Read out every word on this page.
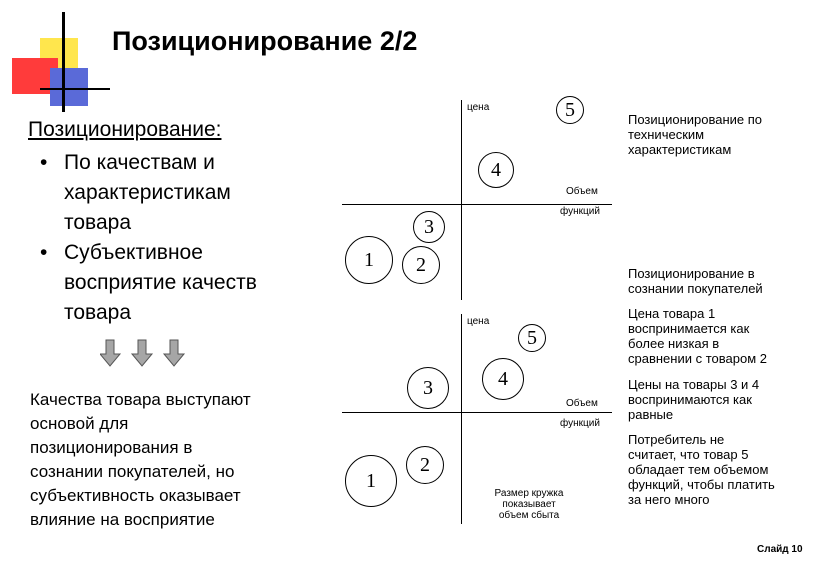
Позиционирование 2/2
Позиционирование:
• По качествам и
характеристикам
товара
• Субъективное
восприятие качеств
товара
Качества товара выступают
основой для
позиционирования в
сознании покупателей, но
субъективность оказывает
влияние на восприятие
цена
Объем
функций
5
4
3
1	2
цена
Объем
функций
5
4
3
1
2
Размер кружка
показывает
объем сбыта
Позиционирование по
техническим
характеристикам
Позиционирование в
сознании покупателей
Цена товара 1
воспринимается как
более низкая в
сравнении с товаром 2
Цены на товары 3 и 4
воспринимаются как
равные
Потребитель не
считает, что товар 5
обладает тем объемом
функций, чтобы платить
за него много
Слайд 10
